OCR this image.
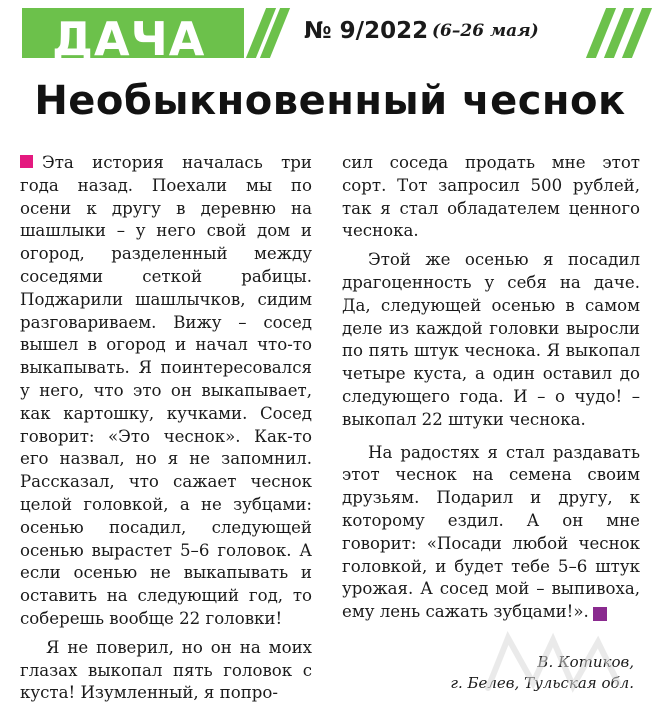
ДАЧА	№ 9/2022 (6–26 мая)
Необыкновенный чеснок

Эта история началась три года назад. Поехали мы по осени к другу в деревню на шашлыки – у него свой дом и огород, разделенный между соседями сеткой рабицы. Поджарили шашлычков, сидим разговариваем. Вижу – сосед вышел в огород и начал что-то выкапывать. Я поинтересовался у него, что это он выкапывает, как картошку, кучками. Сосед говорит: «Это чеснок». Как-то его назвал, но я не запомнил. Рассказал, что сажает чеснок целой головкой, а не зубцами: осенью посадил, следующей осенью вырастет 5–6 головок. А если осенью не выкапывать и оставить на следующий год, то соберешь вообще 22 головки!

Я не поверил, но он на моих глазах выкопал пять головок с куста! Изумленный, я попро-

сил соседа продать мне этот сорт. Тот запросил 500 рублей, так я стал обладателем ценного чеснока.

Этой же осенью я посадил драгоценность у себя на даче. Да, следующей осенью в самом деле из каждой головки выросли по пять штук чеснока. Я выкопал четыре куста, а один оставил до следующего года. И – о чудо! – выкопал 22 штуки чеснока.

На радостях я стал раздавать этот чеснок на семена своим друзьям. Подарил и другу, к которому ездил. А он мне говорит: «Посади любой чеснок головкой, и будет тебе 5–6 штук урожая. А сосед мой – выпивоха, ему лень сажать зубцами!».	Д

В. Котиков,
г. Белев, Тульская обл.
